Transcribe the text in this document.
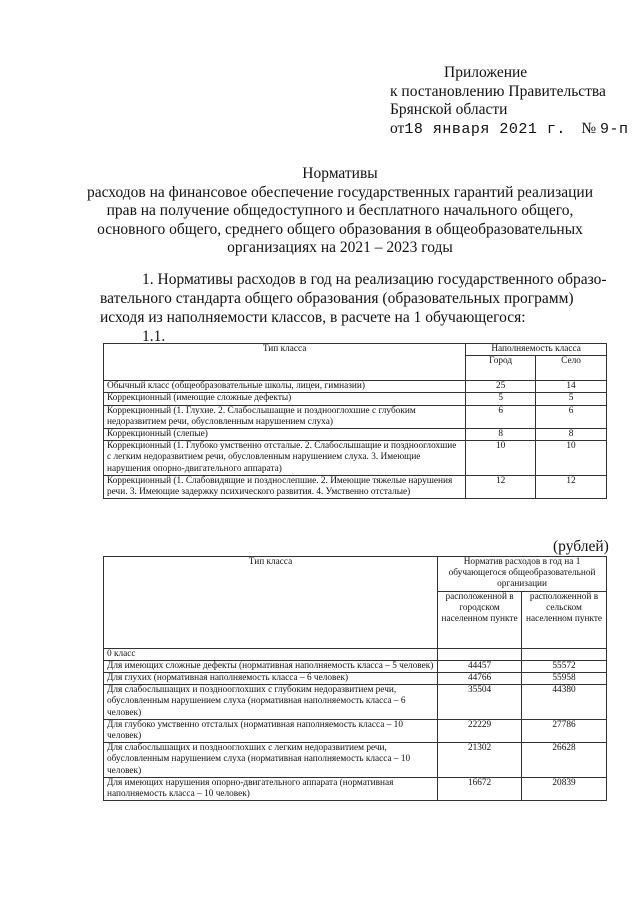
Приложение
к постановлению Правительства
Брянской области
от18 января 2021 г. № 9-п
Нормативы
расходов на финансовое обеспечение государственных гарантий реализации
прав на получение общедоступного и бесплатного начального общего,
основного общего, среднего общего образования в общеобразовательных
организациях на 2021 – 2023 годы
1. Нормативы расходов в год на реализацию государственного образо-
вательного стандарта общего образования (образовательных программ)
исходя из наполняемости классов, в расчете на 1 обучающегося:
1.1.
Тип класса	Наполняемость класса	
	Город	Село
Обычный класс (общеобразовательные школы, лицеи, гимназии)	25	14
Коррекционный (имеющие сложные дефекты)	5	5
Коррекционный (1. Глухие. 2. Слабослышащие и позднооглохшие с глубоким недоразвитием речи, обусловленным нарушением слуха)	6	6
Коррекционный (слепые)	8	8
Коррекционный (1. Глубоко умственно отсталые. 2. Слабослышащие и позднооглохшие с легким недоразвитием речи, обусловленным нарушением слуха. 3. Имеющие нарушения опорно-двигательного аппарата)	10	10
Коррекционный (1. Слабовидящие и позднослепшие. 2. Имеющие тяжелые нарушения речи. 3. Имеющие задержку психического развития. 4. Умственно отсталые)	12	12
(рублей)
Тип класса	Норматив расходов в год на 1 обучающегося общеобразовательной организации	
	расположенной в городском населенном пункте	расположенной в сельском населенном пункте
0 класс		
Для имеющих сложные дефекты (нормативная наполняемость класса – 5 человек)	44457	55572
Для глухих (нормативная наполняемость класса – 6 человек)	44766	55958
Для слабослышащих и позднооглохших с глубоким недоразвитием речи, обусловленным нарушением слуха (нормативная наполняемость класса – 6 человек)	35504	44380
Для глубоко умственно отсталых (нормативная наполняемость класса – 10 человек)	22229	27786
Для слабослышащих и позднооглохших с легким недоразвитием речи, обусловленным нарушением слуха (нормативная наполняемость класса – 10 человек)	21302	26628
Для имеющих нарушения опорно-двигательного аппарата (нормативная наполняемость класса – 10 человек)	16672	20839
